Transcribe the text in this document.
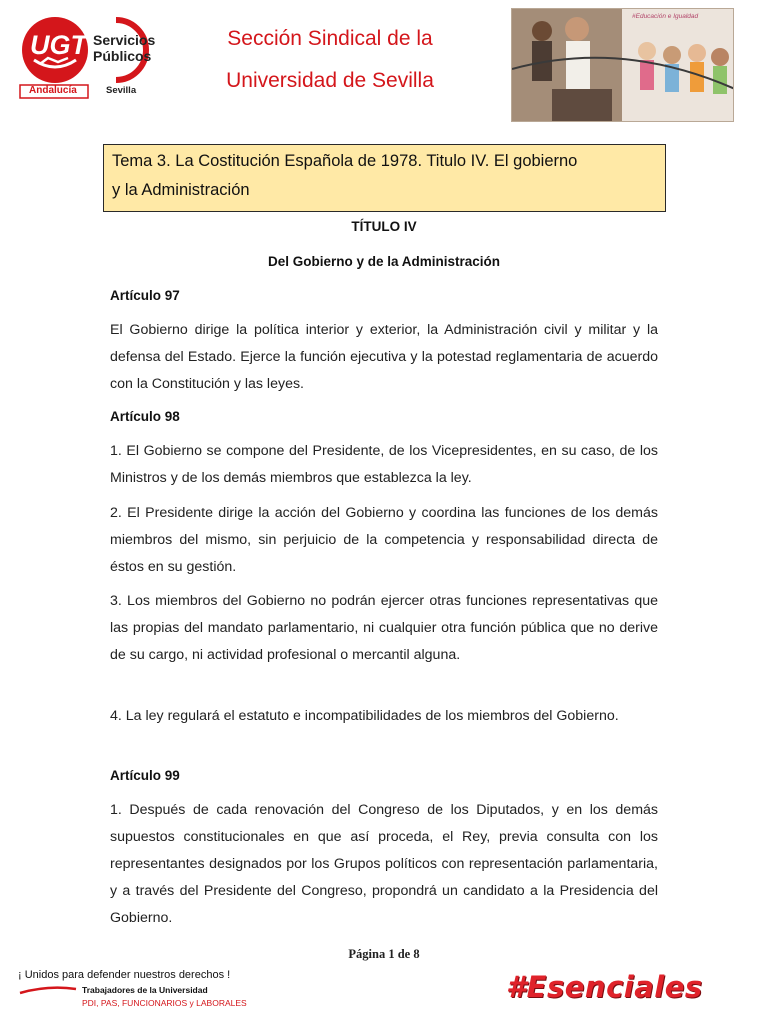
UGT Servicios
Públicos
Andalucía	Sevilla
Sección Sindical de la
Universidad de Sevilla
#Educación e Igualdad
Tema 3. La Costitución Española de 1978. Titulo IV. El gobierno
y la Administración
TÍTULO IV
Del Gobierno y de la Administración
Artículo 97
El Gobierno dirige la política interior y exterior, la Administración civil y militar y la defensa del Estado. Ejerce la función ejecutiva y la potestad reglamentaria de acuerdo con la Constitución y las leyes.
Artículo 98
1. El Gobierno se compone del Presidente, de los Vicepresidentes, en su caso, de los Ministros y de los demás miembros que establezca la ley.
2. El Presidente dirige la acción del Gobierno y coordina las funciones de los demás miembros del mismo, sin perjuicio de la competencia y responsabilidad directa de éstos en su gestión.
3. Los miembros del Gobierno no podrán ejercer otras funciones representativas que las propias del mandato parlamentario, ni cualquier otra función pública que no derive de su cargo, ni actividad profesional o mercantil alguna.
4. La ley regulará el estatuto e incompatibilidades de los miembros del Gobierno.
Artículo 99
1. Después de cada renovación del Congreso de los Diputados, y en los demás supuestos constitucionales en que así proceda, el Rey, previa consulta con los representantes designados por los Grupos políticos con representación parlamentaria, y a través del Presidente del Congreso, propondrá un candidato a la Presidencia del Gobierno.
Página 1 de 8
¡ Unidos para defender nuestros derechos !
Trabajadores de la Universidad
PDI, PAS, FUNCIONARIOS y LABORALES	#Esenciales
